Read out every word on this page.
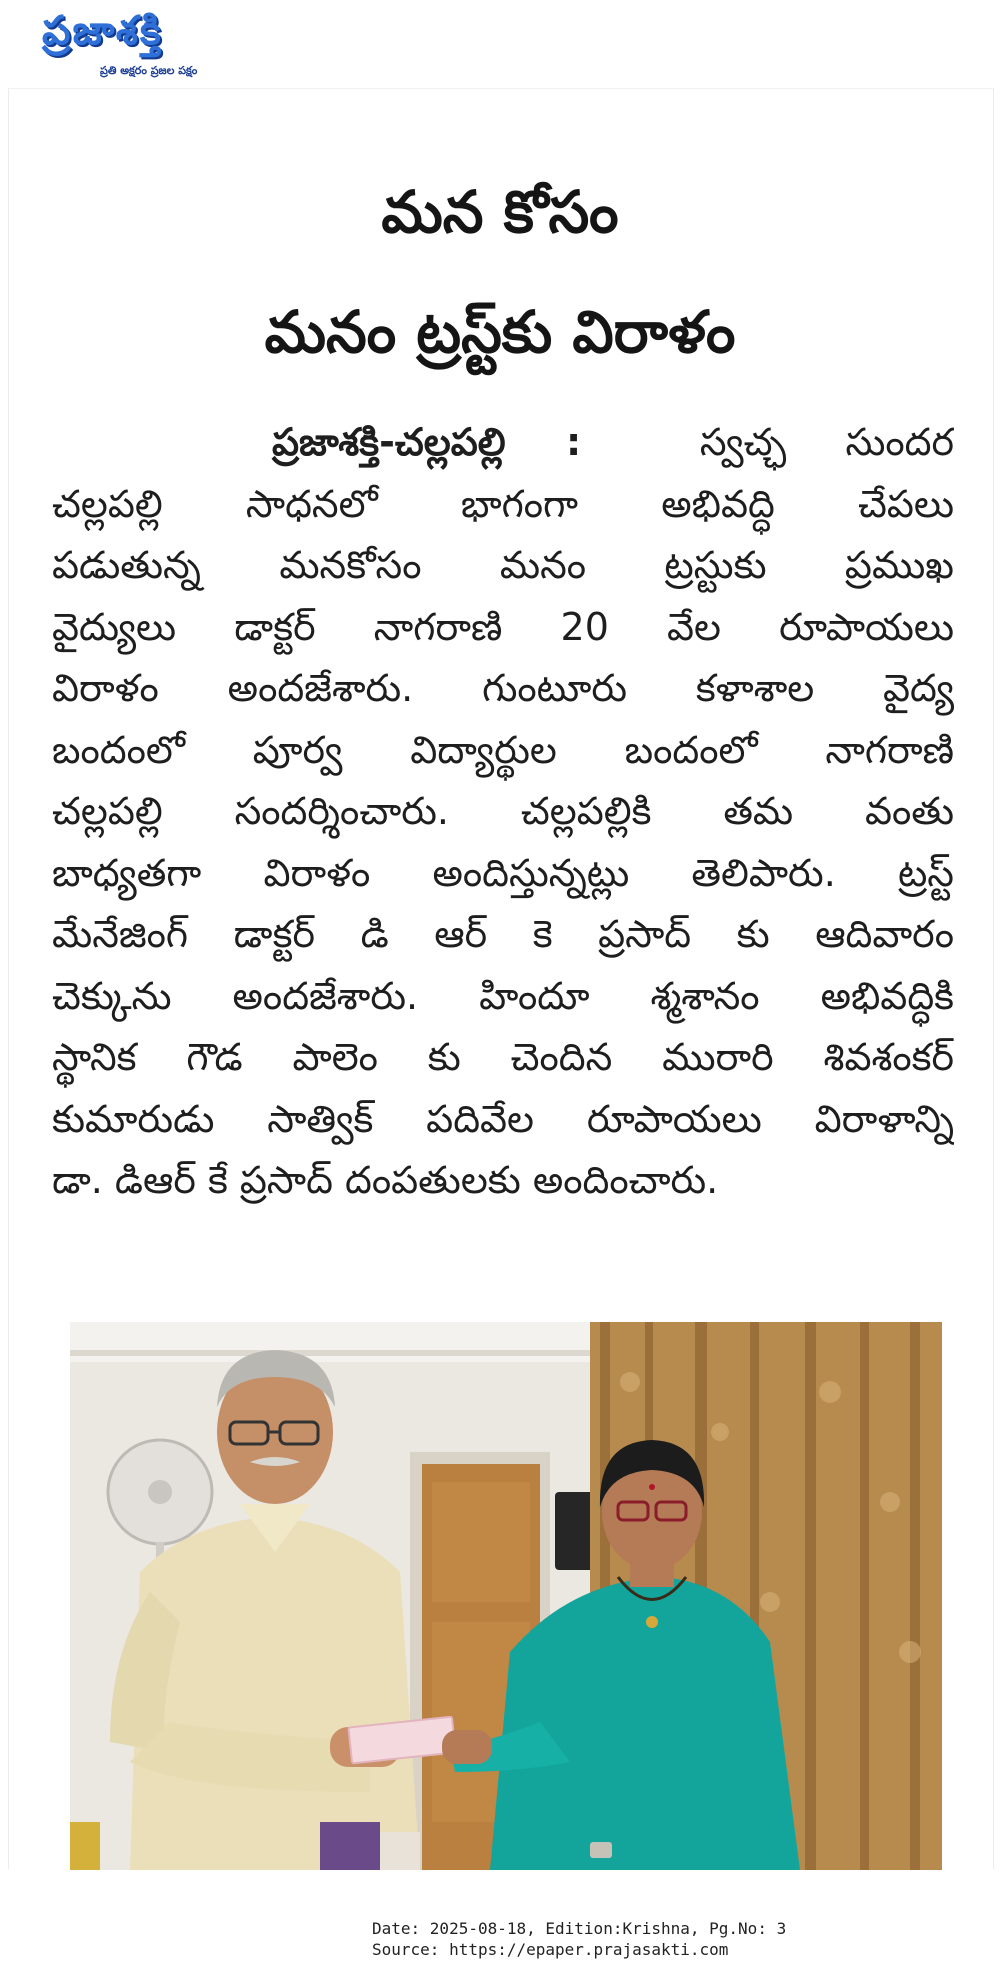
ప్రజాశక్తి
ప్రతి అక్షరం ప్రజల పక్షం
మన కోసం
మనం ట్రస్ట్‌కు విరాళం
ప్రజాశక్తి-చల్లపల్లి :	స్వచ్ఛ సుందర
చల్లపల్లి సాధనలో భాగంగా అభివద్ధి చేపలు
పడుతున్న మనకోసం మనం ట్రస్టుకు ప్రముఖ
వైద్యులు డాక్టర్ నాగరాణి 20 వేల రూపాయలు
విరాళం అందజేశారు. గుంటూరు కళాశాల వైద్య
బందంలో పూర్వ విద్యార్థుల బందంలో నాగరాణి
చల్లపల్లి సందర్శించారు. చల్లపల్లికి తమ వంతు
బాధ్యతగా విరాళం అందిస్తున్నట్లు తెలిపారు. ట్రస్ట్
మేనేజింగ్ డాక్టర్ డి ఆర్ కె ప్రసాద్ కు ఆదివారం
చెక్కును అందజేశారు. హిందూ శ్మశానం అభివద్ధికి
స్థానిక గౌడ పాలెం కు చెందిన మురారి శివశంకర్
కుమారుడు సాత్విక్ పదివేల రూపాయలు విరాళాన్ని
డా. డిఆర్ కే ప్రసాద్ దంపతులకు అందించారు.
Date: 2025-08-18, Edition:Krishna, Pg.No: 3
Source: https://epaper.prajasakti.com
